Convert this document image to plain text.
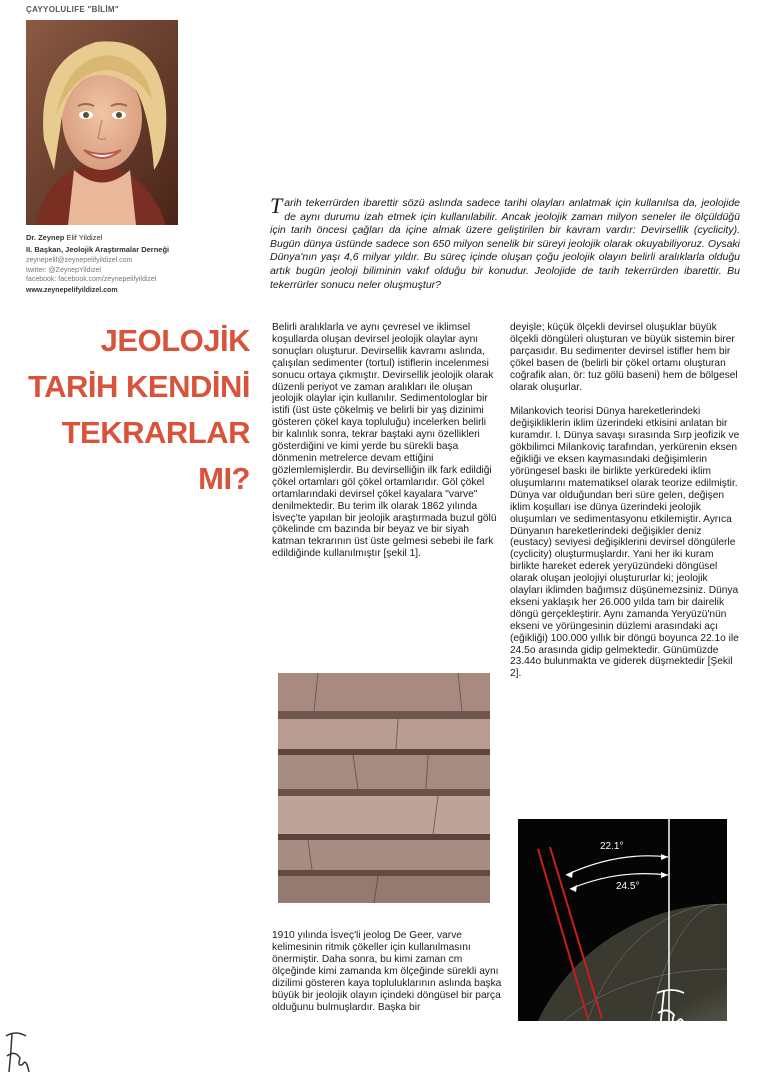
ÇAYYOLULIFE "BİLİM"
Dr. Zeynep Elif Yildizel
II. Başkan, Jeolojik Araştırmalar Derneği
zeynepelif@zeynepelifyildizel.com
twitter: @ZeynepYildizel
facebook: facebook.com/zeynepelifyildizel
www.zeynepelifyildizel.com
JEOLOJİK
TARİH KENDİNİ
TEKRARLAR
MI?
Tarih tekerrürden ibarettir sözü aslında sadece tarihi olayları anlatmak için kullanılsa da, jeolojide de aynı durumu izah etmek için kullanılabilir. Ancak jeolojik zaman milyon seneler ile ölçüldüğü için tarih öncesi çağları da içine almak üzere geliştirilen bir kavram vardır: Devirsellik (cyclicity). Bugün dünya üstünde sadece son 650 milyon senelik bir süreyi jeolojik olarak okuyabiliyoruz. Oysaki Dünya'nın yaşı 4,6 milyar yıldır. Bu süreç içinde oluşan çoğu jeolojik olayın belirli aralıklarla olduğu artık bugün jeoloji biliminin vakıf olduğu bir konudur. Jeolojide de tarih tekerrürden ibarettir. Bu tekerrürler sonucu neler oluşmuştur?

Belirli aralıklarla ve aynı çevresel ve iklimsel koşullarda oluşan devirsel jeolojik olaylar aynı sonuçları oluşturur. Devirsellik kavramı aslında, çalışılan sedimenter (tortul) istiflerin incelenmesi sonucu ortaya çıkmıştır. Devirsellik jeolojik olarak düzenli periyot ve zaman aralıkları ile oluşan jeolojik olaylar için kullanılır. Sedimentologlar bir istifi (üst üste çökelmiş ve belirli bir yaş dizinimi gösteren çökel kaya topluluğu) incelerken belirli bir kalınlık sonra, tekrar baştaki aynı özellikleri gösterdiğini ve kimi yerde bu sürekli başa dönmenin metrelerce devam ettiğini gözlemlemişlerdir. Bu devirselliğin ilk fark edildiği çökel ortamları göl çökel ortamlarıdır. Göl çökel ortamlarındaki devirsel çökel kayalara "varve" denilmektedir. Bu terim ilk olarak 1862 yılında İsveç'te yapılan bir jeolojik araştırmada buzul gölü çökelinde cm bazında bir beyaz ve bir siyah katman tekrarının üst üste gelmesi sebebi ile fark edildiğinde kullanılmıştır [şekil 1].

deyişle; küçük ölçekli devirsel oluşuklar büyük ölçekli döngüleri oluşturan ve büyük sistemin birer parçasıdır. Bu sedimenter devirsel istifler hem bir çökel basen de (belirli bir çökel ortamı oluşturan coğrafik alan, ör: tuz gölü baseni) hem de bölgesel olarak oluşurlar.

Milankovich teorisi Dünya hareketlerindeki değişikliklerin iklim üzerindeki etkisini anlatan bir kuramdır. I. Dünya savaşı sırasında Sırp jeofizik ve gökbilimci Milankoviç tarafından, yerkürenin eksen eğikliği ve eksen kaymasındaki değişimlerin yörüngesel baskı ile birlikte yerküredeki iklim oluşumlarını matematiksel olarak teorize edilmiştir. Dünya var olduğundan beri süre gelen, değişen iklim koşulları ise dünya üzerindeki jeolojik oluşumları ve sedimentasyonu etkilemiştir. Ayrıca Dünyanın hareketlerindeki değişikler deniz (eustacy) seviyesi değişiklerini devirsel döngülerle (cyclicity) oluşturmuşlardır. Yani her iki kuram birlikte hareket ederek yeryüzündeki döngüsel olarak oluşan jeolojiyi oluştururlar ki; jeolojik olayları iklimden bağımsız düşünemezsiniz. Dünya ekseni yaklaşık her 26.000 yılda tam bir dairelik döngü gerçekleştirir. Aynı zamanda Yeryüzü'nün ekseni ve yörüngesinin düzlemi arasındaki açı (eğikliği) 100.000 yıllık bir döngü boyunca 22.1o ile 24.5o arasında gidip gelmektedir. Günümüzde 23.44o bulunmakta ve giderek düşmektedir [Şekil 2].

1910 yılında İsveç'li jeolog De Geer, varve kelimesinin ritmik çökeller için kullanılmasını önermiştir. Daha sonra, bu kimi zaman cm ölçeğinde kimi zamanda km ölçeğinde sürekli aynı dizilimi gösteren kaya topluluklarının aslında başka büyük bir jeolojik olayın içindeki döngüsel bir parça olduğunu bulmuşlardır. Başka bir
22.1°
24.5°
